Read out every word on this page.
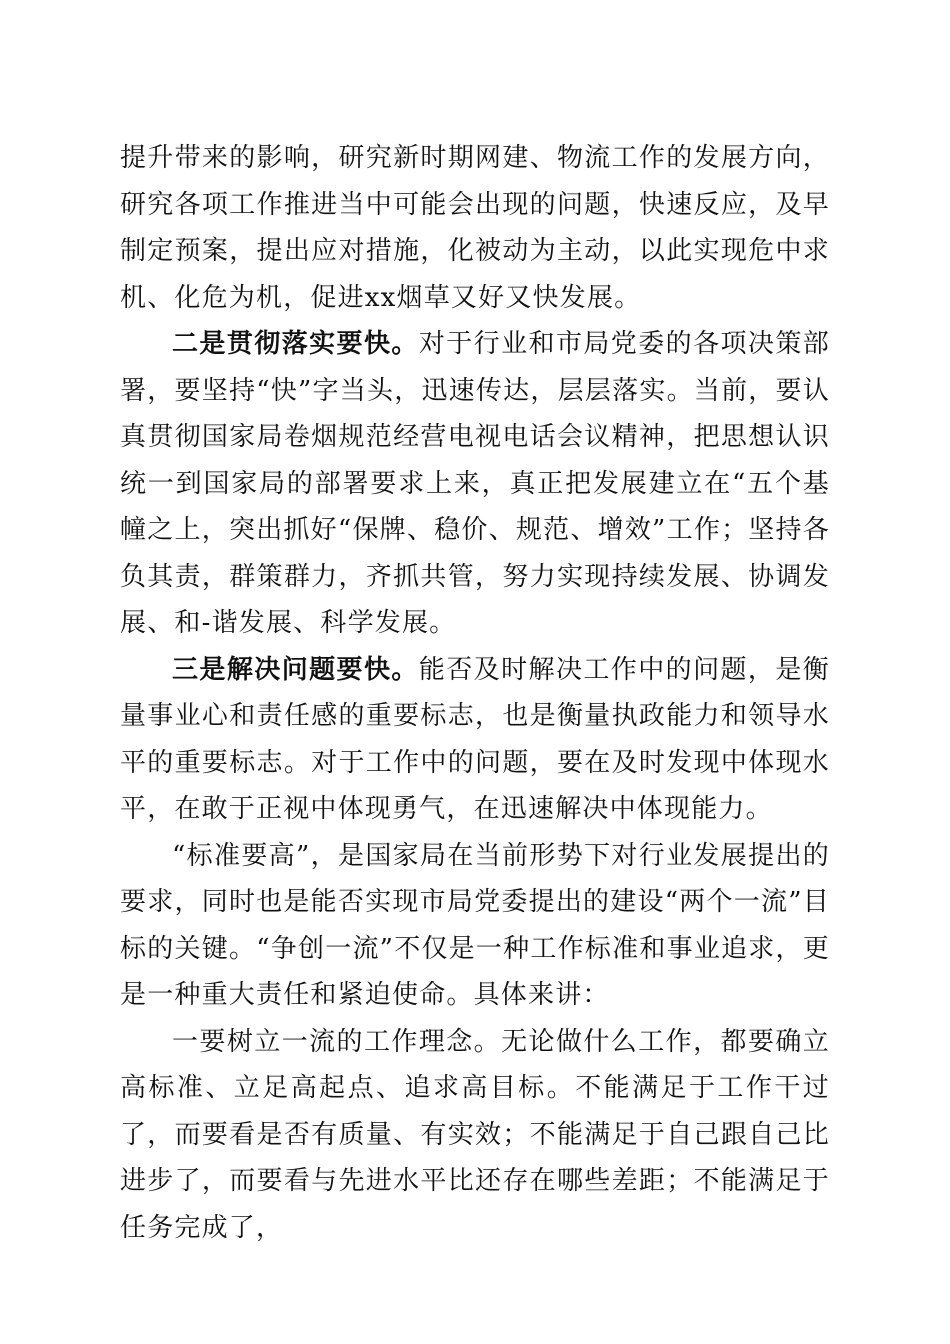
提升带来的影响，研究新时期网建、物流工作的发展方向，研究各项工作推进当中可能会出现的问题，快速反应，及早制定预案，提出应对措施，化被动为主动，以此实现危中求机、化危为机，促进xx烟草又好又快发展。

二是贯彻落实要快。对于行业和市局党委的各项决策部署，要坚持“快”字当头，迅速传达，层层落实。当前，要认真贯彻国家局卷烟规范经营电视电话会议精神，把思想认识统一到国家局的部署要求上来，真正把发展建立在“五个基幢之上，突出抓好“保牌、稳价、规范、增效”工作；坚持各负其责，群策群力，齐抓共管，努力实现持续发展、协调发展、和-谐发展、科学发展。

三是解决问题要快。能否及时解决工作中的问题，是衡量事业心和责任感的重要标志，也是衡量执政能力和领导水平的重要标志。对于工作中的问题，要在及时发现中体现水平，在敢于正视中体现勇气，在迅速解决中体现能力。

“标准要高”，是国家局在当前形势下对行业发展提出的要求，同时也是能否实现市局党委提出的建设“两个一流”目标的关键。“争创一流”不仅是一种工作标准和事业追求，更是一种重大责任和紧迫使命。具体来讲：

一要树立一流的工作理念。无论做什么工作，都要确立高标准、立足高起点、追求高目标。不能满足于工作干过了，而要看是否有质量、有实效；不能满足于自己跟自己比进步了，而要看与先进水平比还存在哪些差距；不能满足于任务完成了，
